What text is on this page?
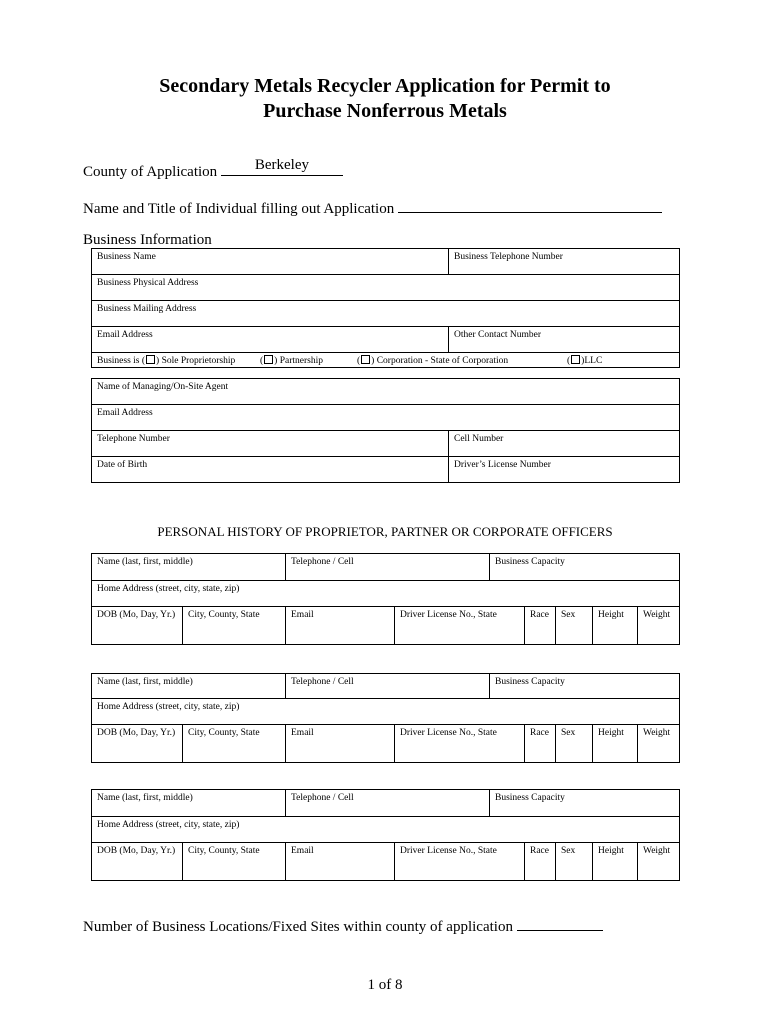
Secondary Metals Recycler Application for Permit to
Purchase Nonferrous Metals
County of Application	Berkeley
Name and Title of Individual filling out Application
Business Information
Business Name	Business Telephone Number
Business Physical Address
Business Mailing Address
Email Address	Other Contact Number
Business is ( ) Sole Proprietorship	( ) Partnership	( ) Corporation - State of Corporation	( )LLC
Name of Managing/On-Site Agent
Email Address
Telephone Number	Cell Number
Date of Birth	Driver’s License Number
PERSONAL HISTORY OF PROPRIETOR, PARTNER OR CORPORATE OFFICERS
Name (last, first, middle)	Telephone / Cell	Business Capacity
Home Address (street, city, state, zip)
DOB (Mo, Day, Yr.)	City, County, State	Email	Driver License No., State	Race	Sex	Height	Weight
Name (last, first, middle)	Telephone / Cell	Business Capacity
Home Address (street, city, state, zip)
DOB (Mo, Day, Yr.)	City, County, State	Email	Driver License No., State	Race	Sex	Height	Weight
Name (last, first, middle)	Telephone / Cell	Business Capacity
Home Address (street, city, state, zip)
DOB (Mo, Day, Yr.)	City, County, State	Email	Driver License No., State	Race	Sex	Height	Weight
Number of Business Locations/Fixed Sites within county of application
1 of 8
